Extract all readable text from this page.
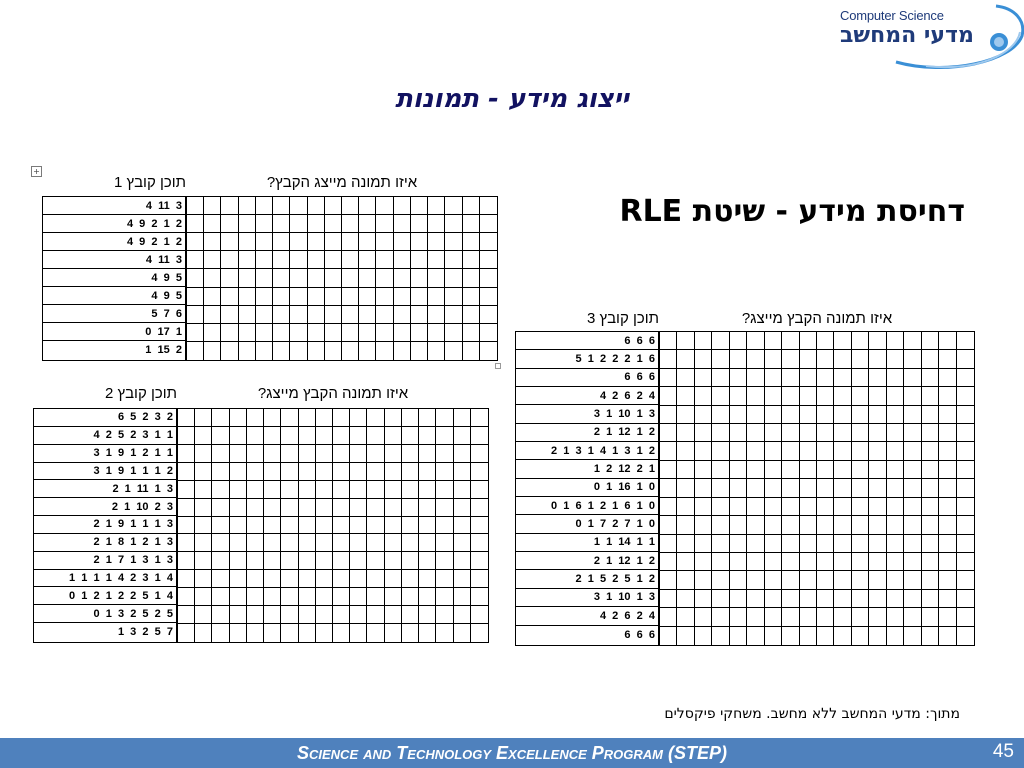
Computer Science
מדעי המחשב
ייצוג מידע - תמונות
דחיסת מידע - שיטת RLE
+
תוכן קובץ 1	איזו תמונה מייצג הקבץ?
4  11  3
4  9  2  1  2
4  9  2  1  2
4  11  3
4  9  5
4  9  5
5  7  6
0  17  1
1  15  2
תוכן קובץ 2	איזו תמונה הקבץ מייצג?
6  5  2  3  2
4  2  5  2  3  1  1
3  1  9  1  2  1  1
3  1  9  1  1  1  2
2  1  11  1  3
2  1  10  2  3
2  1  9  1  1  1  3
2  1  8  1  2  1  3
2  1  7  1  3  1  3
1  1  1  1  4  2  3  1  4
0  1  2  1  2  2  5  1  4
0  1  3  2  5  2  5
1  3  2  5  7
תוכן קובץ 3	איזו תמונה הקבץ מייצג?
6  6  6
5  1  2  2  2  1  6
6  6  6
4  2  6  2  4
3  1  10  1  3
2  1  12  1  2
2  1  3  1  4  1  3  1  2
1  2  12  2  1
0  1  16  1  0
0  1  6  1  2  1  6  1  0
0  1  7  2  7  1  0
1  1  14  1  1
2  1  12  1  2
2  1  5  2  5  1  2
3  1  10  1  3
4  2  6  2  4
6  6  6
מתוך: מדעי המחשב ללא מחשב. משחקי פיקסלים
Science and Technology Excellence Program (STEP)	45
